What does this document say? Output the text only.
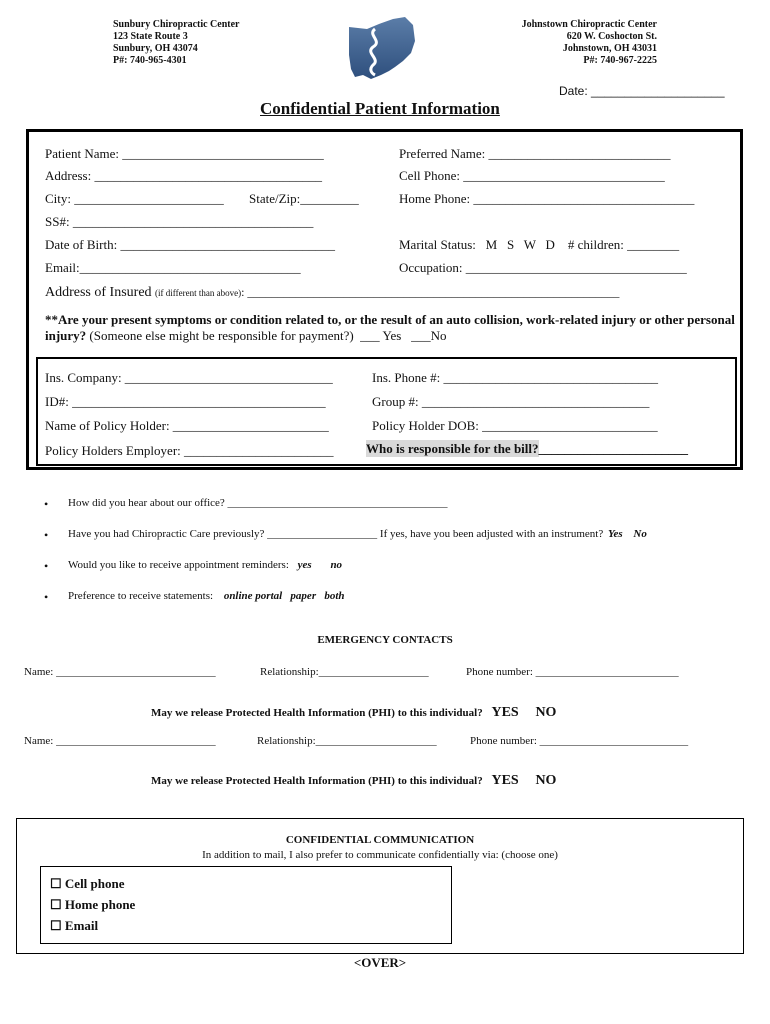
Sunbury Chiropractic Center
123 State Route 3
Sunbury, OH 43074
P#: 740-965-4301
Johnstown Chiropractic Center
620 W. Coshocton St.
Johnstown, OH 43031
P#: 740-967-2225
Date: ____________________
Confidential Patient Information
Patient Name: _______________________________	Preferred Name: ____________________________
Address: ___________________________________	Cell Phone: _______________________________
City: _______________________ State/Zip:_________	Home Phone: __________________________________
SS#: _____________________________________
Date of Birth: _________________________________	Marital Status:   M   S   W   D    # children: ________
Email:__________________________________	Occupation: __________________________________
Address of Insured (if different than above): ______________________________________________________________
**Are your present symptoms or condition related to, or the result of an auto collision, work-related injury or other personal injury? (Someone else might be responsible for payment?)  ___ Yes   ___No
Ins. Company: ________________________________	Ins. Phone #: _________________________________
ID#: _______________________________________	Group #: ___________________________________
Name of Policy Holder: ________________________	Policy Holder DOB: ___________________________
Policy Holders Employer: _______________________ Who is responsible for the bill?_______________________
• How did you hear about our office? ________________________________________
• Have you had Chiropractic Care previously? ____________________ If yes, have you been adjusted with an instrument? Yes No
• Would you like to receive appointment reminders: yes no
• Preference to receive statements: online portal   paper   both
EMERGENCY CONTACTS
Name: _____________________________	Relationship:____________________	Phone number: __________________________
May we release Protected Health Information (PHI) to this individual? YES NO
Name: _____________________________	Relationship:______________________	Phone number: ___________________________
May we release Protected Health Information (PHI) to this individual? YES NO
CONFIDENTIAL COMMUNICATION
In addition to mail, I also prefer to communicate confidentially via: (choose one)
☐ Cell phone
☐ Home phone
☐ Email
<OVER>
